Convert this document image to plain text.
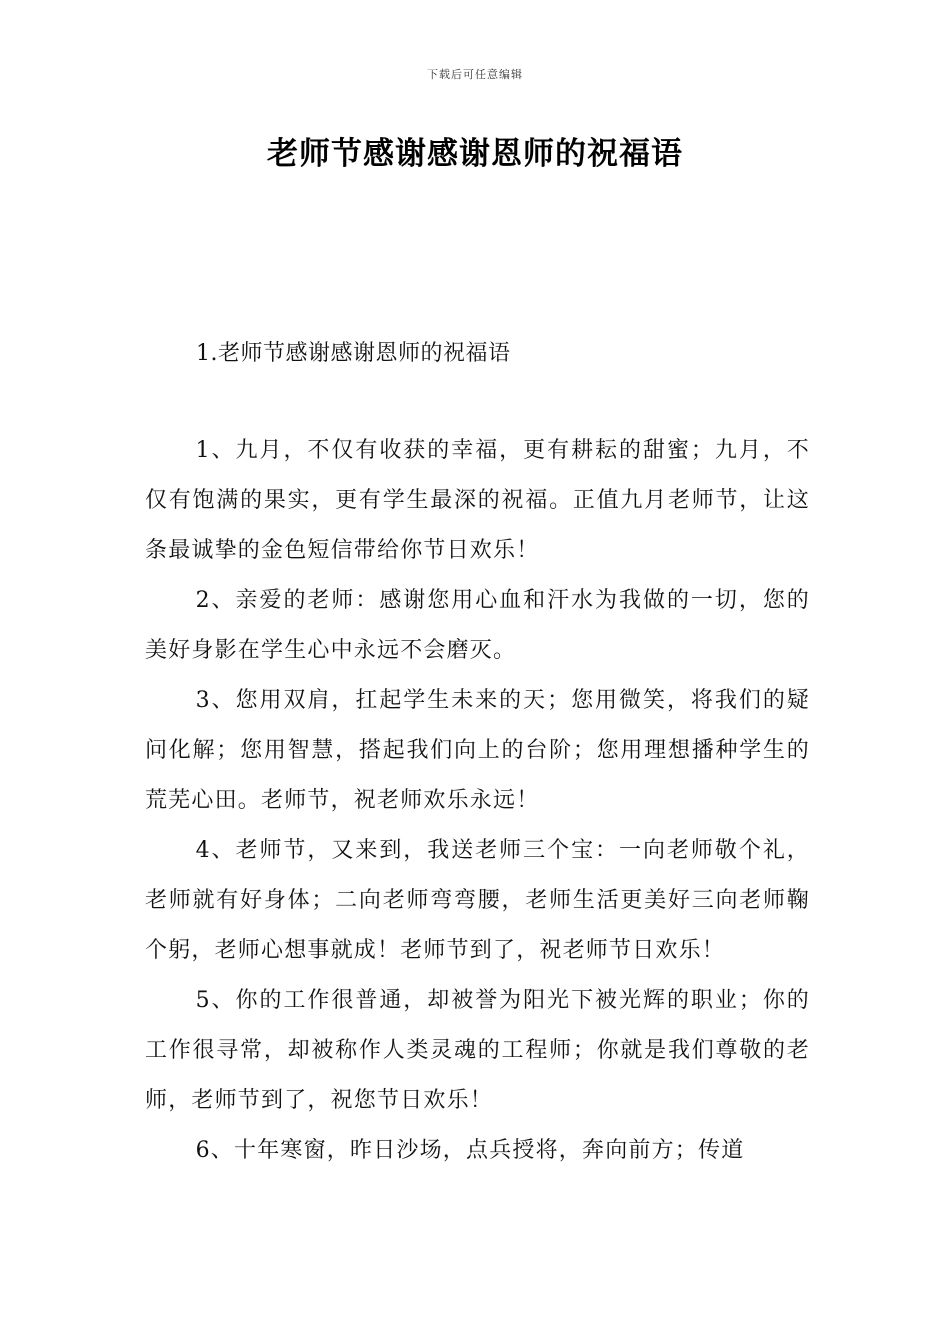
下载后可任意编辑
老师节感谢感谢恩师的祝福语
1.老师节感谢感谢恩师的祝福语

1、九月，不仅有收获的幸福，更有耕耘的甜蜜；九月，不仅有饱满的果实，更有学生最深的祝福。正值九月老师节，让这条最诚挚的金色短信带给你节日欢乐！

2、亲爱的老师：感谢您用心血和汗水为我做的一切，您的美好身影在学生心中永远不会磨灭。

3、您用双肩，扛起学生未来的天；您用微笑，将我们的疑问化解；您用智慧，搭起我们向上的台阶；您用理想播种学生的荒芜心田。老师节，祝老师欢乐永远！

4、老师节，又来到，我送老师三个宝：一向老师敬个礼，老师就有好身体；二向老师弯弯腰，老师生活更美好三向老师鞠个躬，老师心想事就成！老师节到了，祝老师节日欢乐！

5、你的工作很普通，却被誉为阳光下被光辉的职业；你的工作很寻常，却被称作人类灵魂的工程师；你就是我们尊敬的老师，老师节到了，祝您节日欢乐！

6、十年寒窗，昨日沙场，点兵授将，奔向前方；传道
